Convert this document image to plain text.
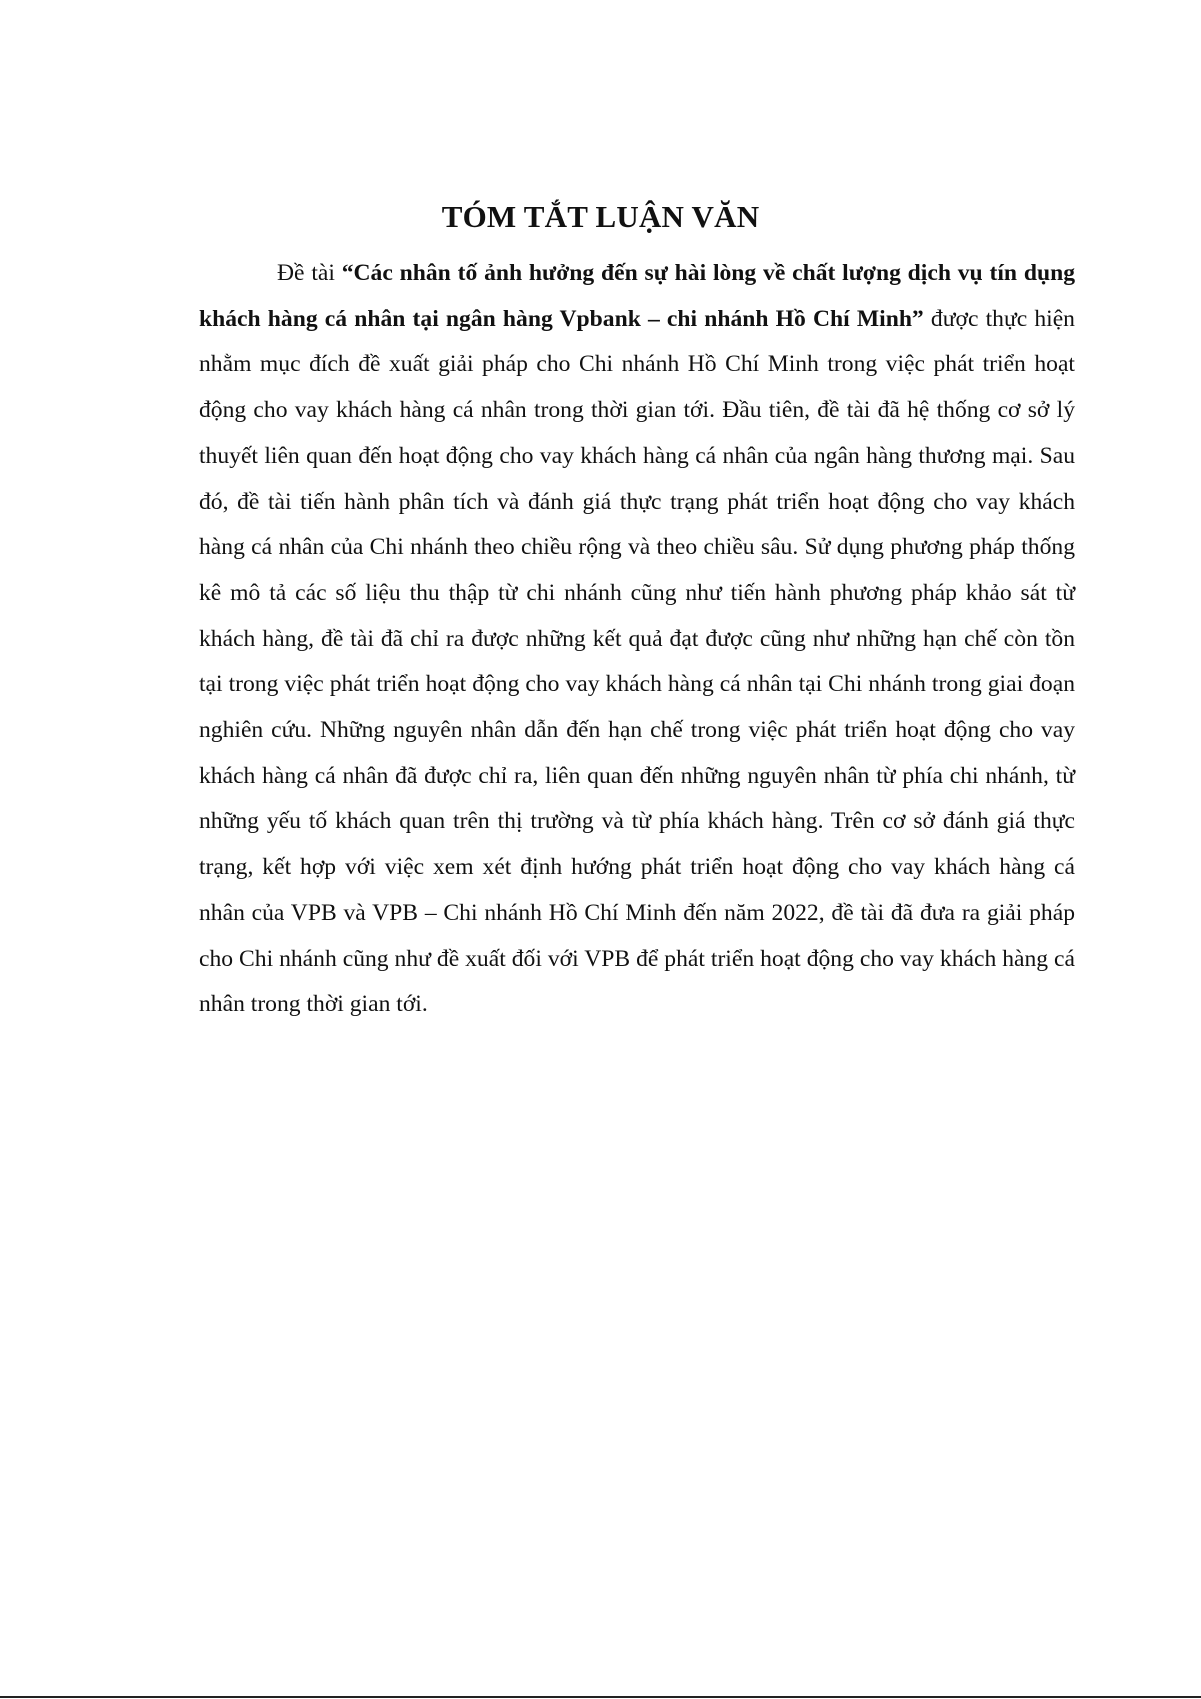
TÓM TẮT LUẬN VĂN

Đề tài “Các nhân tố ảnh hưởng đến sự hài lòng về chất lượng dịch vụ tín dụng khách hàng cá nhân tại ngân hàng Vpbank – chi nhánh Hồ Chí Minh” được thực hiện nhằm mục đích đề xuất giải pháp cho Chi nhánh Hồ Chí Minh trong việc phát triển hoạt động cho vay khách hàng cá nhân trong thời gian tới. Đầu tiên, đề tài đã hệ thống cơ sở lý thuyết liên quan đến hoạt động cho vay khách hàng cá nhân của ngân hàng thương mại. Sau đó, đề tài tiến hành phân tích và đánh giá thực trạng phát triển hoạt động cho vay khách hàng cá nhân của Chi nhánh theo chiều rộng và theo chiều sâu. Sử dụng phương pháp thống kê mô tả các số liệu thu thập từ chi nhánh cũng như tiến hành phương pháp khảo sát từ khách hàng, đề tài đã chỉ ra được những kết quả đạt được cũng như những hạn chế còn tồn tại trong việc phát triển hoạt động cho vay khách hàng cá nhân tại Chi nhánh trong giai đoạn nghiên cứu. Những nguyên nhân dẫn đến hạn chế trong việc phát triển hoạt động cho vay khách hàng cá nhân đã được chỉ ra, liên quan đến những nguyên nhân từ phía chi nhánh, từ những yếu tố khách quan trên thị trường và từ phía khách hàng. Trên cơ sở đánh giá thực trạng, kết hợp với việc xem xét định hướng phát triển hoạt động cho vay khách hàng cá nhân của VPB và VPB – Chi nhánh Hồ Chí Minh đến năm 2022, đề tài đã đưa ra giải pháp cho Chi nhánh cũng như đề xuất đối với VPB để phát triển hoạt động cho vay khách hàng cá nhân trong thời gian tới.
